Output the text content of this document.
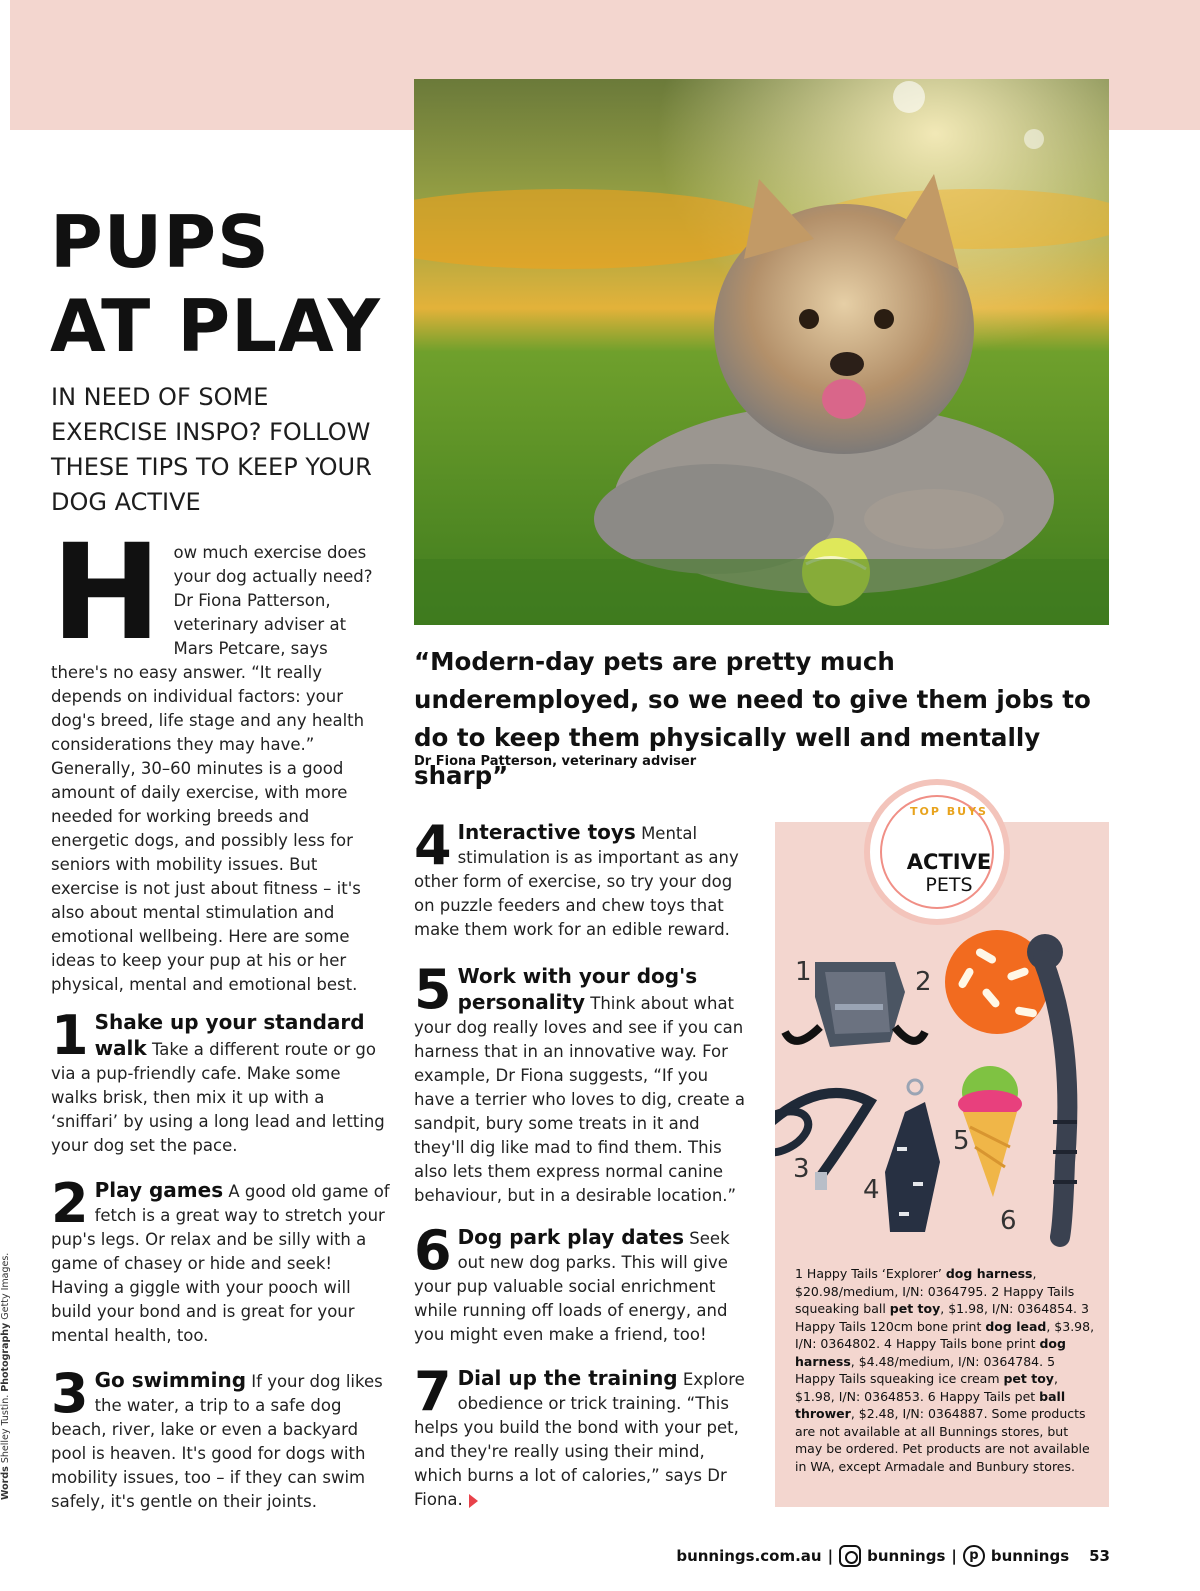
PUPS
AT PLAY
IN NEED OF SOME EXERCISE INSPO? FOLLOW THESE TIPS TO KEEP YOUR DOG ACTIVE
H ow much exercise does your dog actually need? Dr Fiona Patterson, veterinary adviser at Mars Petcare, says there's no easy answer. “It really depends on individual factors: your dog's breed, life stage and any health considerations they may have.” Generally, 30–60 minutes is a good amount of daily exercise, with more needed for working breeds and energetic dogs, and possibly less for seniors with mobility issues. But exercise is not just about fitness – it's also about mental stimulation and emotional wellbeing. Here are some ideas to keep your pup at his or her physical, mental and emotional best.
1 Shake up your standard walk Take a different route or go via a pup-friendly cafe. Make some walks brisk, then mix it up with a ‘sniffari’ by using a long lead and letting your dog set the pace.
2 Play games A good old game of fetch is a great way to stretch your pup's legs. Or relax and be silly with a game of chasey or hide and seek! Having a giggle with your pooch will build your bond and is great for your mental health, too.
3 Go swimming If your dog likes the water, a trip to a safe dog beach, river, lake or even a backyard pool is heaven. It's good for dogs with mobility issues, too – if they can swim safely, it's gentle on their joints.
“Modern-day pets are pretty much underemployed, so we need to give them jobs to do to keep them physically well and mentally sharp”
Dr Fiona Patterson, veterinary adviser
4 Interactive toys Mental stimulation is as important as any other form of exercise, so try your dog on puzzle feeders and chew toys that make them work for an edible reward.
5 Work with your dog's personality Think about what your dog really loves and see if you can harness that in an innovative way. For example, Dr Fiona suggests, “If you have a terrier who loves to dig, create a sandpit, bury some treats in it and they'll dig like mad to find them. This also lets them express normal canine behaviour, but in a desirable location.”
6 Dog park play dates Seek out new dog parks. This will give your pup valuable social enrichment while running off loads of energy, and you might even make a friend, too!
7 Dial up the training Explore obedience or trick training. “This helps you build the bond with your pet, and they're really using their mind, which burns a lot of calories,” says Dr Fiona.
TOP BUYS
ACTIVE
PETS
1	2
3
4
5
6
1 Happy Tails ‘Explorer’ dog harness, $20.98/medium, I/N: 0364795. 2 Happy Tails squeaking ball pet toy, $1.98, I/N: 0364854. 3 Happy Tails 120cm bone print dog lead, $3.98, I/N: 0364802. 4 Happy Tails bone print dog harness, $4.48/medium, I/N: 0364784. 5 Happy Tails squeaking ice cream pet toy, $1.98, I/N: 0364853. 6 Happy Tails pet ball thrower, $2.48, I/N: 0364887. Some products are not available at all Bunnings stores, but may be ordered. Pet products are not available in WA, except Armadale and Bunbury stores.
Words Shelley Tustin. Photography Getty Images.
bunnings.com.au | bunnings | p bunnings 53
